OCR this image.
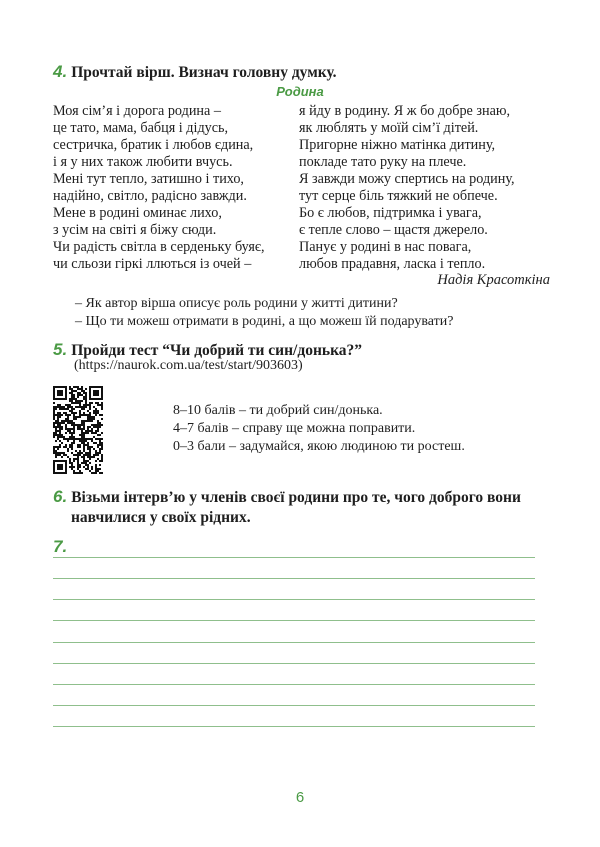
4. Прочтай вірш. Визнач головну думку.
Родина
Моя сім’я і дорога родина –
це тато, мама, бабця і дідусь,
сестричка, братик і любов єдина,
і я у них також любити вчусь.
Мені тут тепло, затишно і тихо,
надійно, світло, радісно завжди.
Мене в родині оминає лихо,
з усім на світі я біжу сюди.
Чи радість світла в серденьку буяє,
чи сльози гіркі ллються із очей –
я йду в родину. Я ж бо добре знаю,
як люблять у моїй сім’ї дітей.
Пригорне ніжно матінка дитину,
покладе тато руку на плече.
Я завжди можу спертись на родину,
тут серце біль тяжкий не обпече.
Бо є любов, підтримка і увага,
є тепле слово – щастя джерело.
Панує у родині в нас повага,
любов прадавня, ласка і тепло.
Надія Красоткіна
– Як автор вірша описує роль родини у житті дитини?
– Що ти можеш отримати в родині, а що можеш їй подарувати?
5. Пройди тест “Чи добрий ти син/донька?”
(https://naurok.com.ua/test/start/903603)
8–10 балів – ти добрий син/донька.
4–7 балів – справу ще можна поправити.
0–3 бали – задумайся, якою людиною ти ростеш.
6. Візьми інтерв’ю у членів своєї родини про те, чого доброго вони
навчилися у своїх рідних.
7.
6
